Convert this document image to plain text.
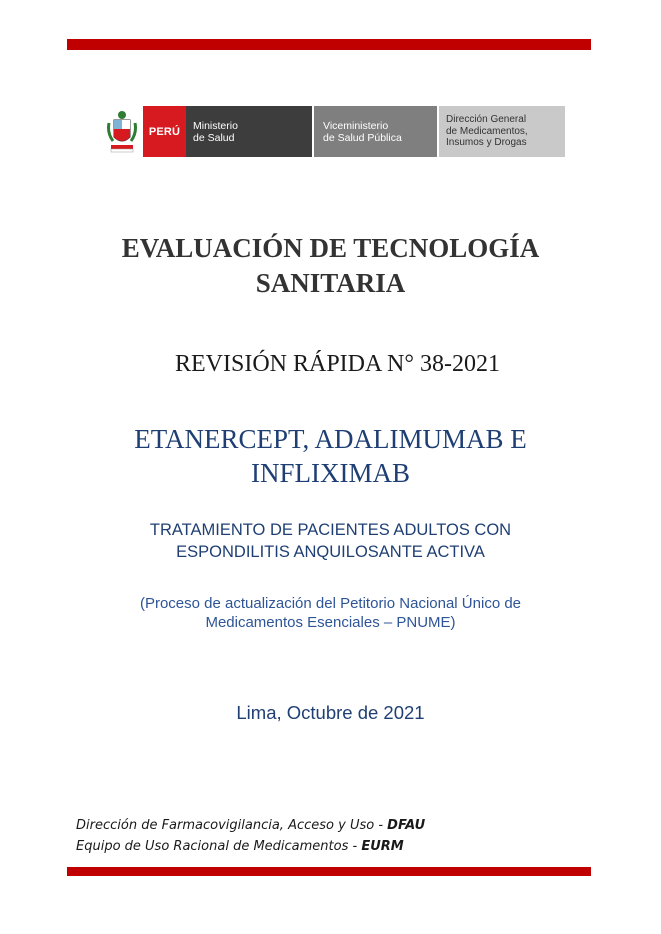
PERÚ Ministerio
de Salud
Viceministerio
de Salud Pública
Dirección General
de Medicamentos,
Insumos y Drogas
EVALUACIÓN DE TECNOLOGÍA
SANITARIA
REVISIÓN RÁPIDA N° 38-2021
ETANERCEPT, ADALIMUMAB E
INFLIXIMAB
TRATAMIENTO DE PACIENTES ADULTOS CON
ESPONDILITIS ANQUILOSANTE ACTIVA
(Proceso de actualización del Petitorio Nacional Único de
Medicamentos Esenciales – PNUME)
Lima, Octubre de 2021
Dirección de Farmacovigilancia, Acceso y Uso - DFAU
Equipo de Uso Racional de Medicamentos - EURM
